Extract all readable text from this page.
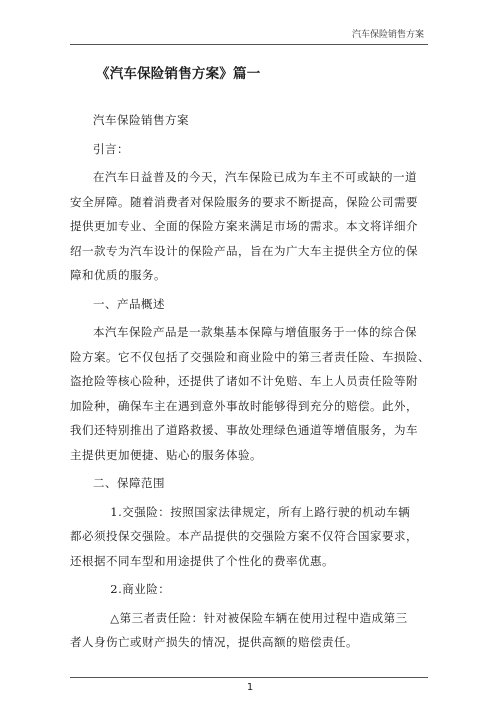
汽车保险销售方案
《汽车保险销售方案》篇一
汽车保险销售方案
引言：
在汽车日益普及的今天，汽车保险已成为车主不可或缺的一道
安全屏障。随着消费者对保险服务的要求不断提高，保险公司需要
提供更加专业、全面的保险方案来满足市场的需求。本文将详细介
绍一款专为汽车设计的保险产品，旨在为广大车主提供全方位的保
障和优质的服务。
一、产品概述
本汽车保险产品是一款集基本保障与增值服务于一体的综合保
险方案。它不仅包括了交强险和商业险中的第三者责任险、车损险、
盗抢险等核心险种，还提供了诸如不计免赔、车上人员责任险等附
加险种，确保车主在遇到意外事故时能够得到充分的赔偿。此外，
我们还特别推出了道路救援、事故处理绿色通道等增值服务，为车
主提供更加便捷、贴心的服务体验。
二、保障范围
1.交强险：按照国家法律规定，所有上路行驶的机动车辆
都必须投保交强险。本产品提供的交强险方案不仅符合国家要求，
还根据不同车型和用途提供了个性化的费率优惠。
2.商业险：
△第三者责任险：针对被保险车辆在使用过程中造成第三
者人身伤亡或财产损失的情况，提供高额的赔偿责任。
1
